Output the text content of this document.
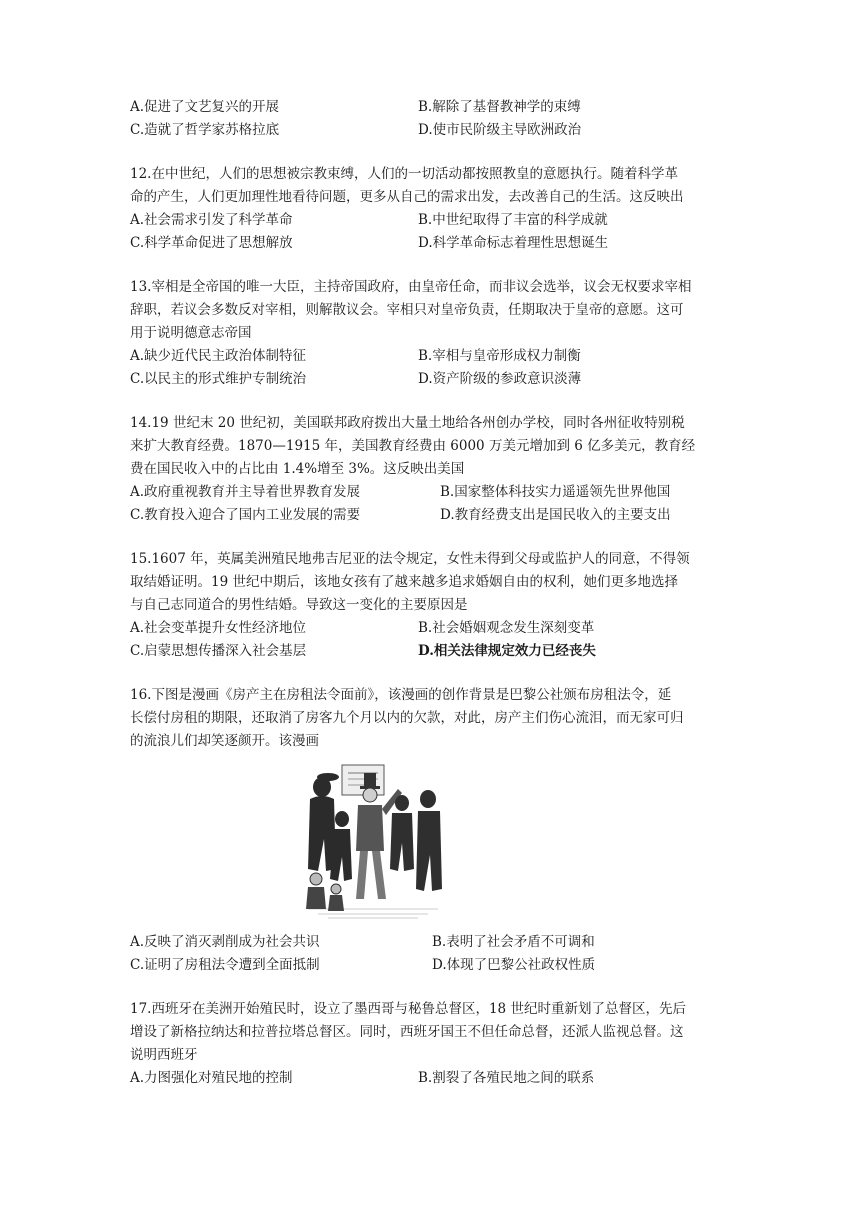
A.促进了文艺复兴的开展	B.解除了基督教神学的束缚
C.造就了哲学家苏格拉底	D.使市民阶级主导欧洲政治

12.在中世纪，人们的思想被宗教束缚，人们的一切活动都按照教皇的意愿执行。随着科学革

命的产生，人们更加理性地看待问题，更多从自己的需求出发，去改善自己的生活。这反映出

A.社会需求引发了科学革命	B.中世纪取得了丰富的科学成就
C.科学革命促进了思想解放	D.科学革命标志着理性思想诞生

13.宰相是全帝国的唯一大臣，主持帝国政府，由皇帝任命，而非议会选举，议会无权要求宰相

辞职，若议会多数反对宰相，则解散议会。宰相只对皇帝负责，任期取决于皇帝的意愿。这可

用于说明德意志帝国

A.缺少近代民主政治体制特征	B.宰相与皇帝形成权力制衡
C.以民主的形式维护专制统治	D.资产阶级的参政意识淡薄

14.19 世纪末 20 世纪初，美国联邦政府拨出大量土地给各州创办学校，同时各州征收特别税

来扩大教育经费。1870—1915 年，美国教育经费由 6000 万美元增加到 6 亿多美元，教育经

费在国民收入中的占比由 1.4%增至 3%。这反映出美国

A.政府重视教育并主导着世界教育发展	B.国家整体科技实力遥遥领先世界他国
C.教育投入迎合了国内工业发展的需要	D.教育经费支出是国民收入的主要支出

15.1607 年，英属美洲殖民地弗吉尼亚的法令规定，女性未得到父母或监护人的同意，不得领

取结婚证明。19 世纪中期后，该地女孩有了越来越多追求婚姻自由的权利，她们更多地选择

与自己志同道合的男性结婚。导致这一变化的主要原因是

A.社会变革提升女性经济地位	B.社会婚姻观念发生深刻变革
C.启蒙思想传播深入社会基层	D.相关法律规定效力已经丧失

16.下图是漫画《房产主在房租法令面前》，该漫画的创作背景是巴黎公社颁布房租法令，延

长偿付房租的期限，还取消了房客九个月以内的欠款，对此，房产主们伤心流泪，而无家可归

的流浪儿们却笑逐颜开。该漫画

A.反映了消灭剥削成为社会共识	B.表明了社会矛盾不可调和
C.证明了房租法令遭到全面抵制	D.体现了巴黎公社政权性质

17.西班牙在美洲开始殖民时，设立了墨西哥与秘鲁总督区，18 世纪时重新划了总督区，先后

增设了新格拉纳达和拉普拉塔总督区。同时，西班牙国王不但任命总督，还派人监视总督。这

说明西班牙

A.力图强化对殖民地的控制	B.割裂了各殖民地之间的联系
